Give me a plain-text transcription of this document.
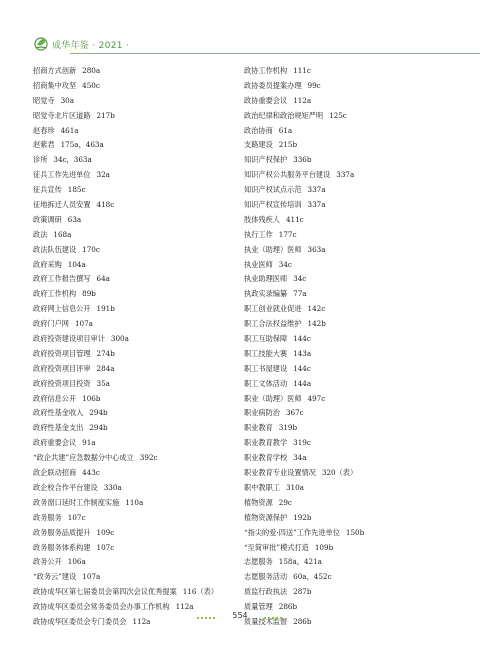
成华年鉴 · 2021 ·
招商方式创新 280a
招商集中攻坚 450c
昭觉寺 30a
昭觉寺北片区道路 217b
赵春珍 461a
赵紫君 175a，463a
诊所 34c，363a
征兵工作先进单位 32a
征兵宣传 185c
征地拆迁人员安置 418c
政策调研 63a
政法 168a
政法队伍建设 170c
政府采购 104a
政府工作报告撰写 64a
政府工作机构 89b
政府网上信息公开 191b
政府门户网 107a
政府投资建设项目审计 300a
政府投资项目管理 274b
政府投资项目评审 284a
政府投资项目投资 35a
政府信息公开 106b
政府性基金收入 294b
政府性基金支出 294b
政府重要会议 91a
“政企共建”应急数据分中心成立 392c
政企联动招商 443c
政企校合作平台建设 330a
政务窗口延时工作制度实施 110a
政务服务 107c
政务服务品质提升 109c
政务服务体系构建 107c
政务公开 106a
“政务云”建设 107a
政协成华区第七届委员会第四次会议优秀提案 116（表）
政协成华区委员会常务委员会办事工作机构 112a
政协成华区委员会专门委员会 112a
政协工作机构 111c
政协委员提案办理 99c
政协重要会议 112a
政治纪律和政治规矩严明 125c
政治协商 61a
支路建设 215b
知识产权保护 336b
知识产权公共服务平台建设 337a
知识产权试点示范 337a
知识产权宣传培训 337a
肢体残疾人 411c
执行工作 177c
执业（助理）医师 363a
执业医师 34c
执业助理医师 34c
执政实录编纂 77a
职工创业就业促进 142c
职工合法权益维护 142b
职工互助保障 144c
职工技能大赛 143a
职工书屋建设 144c
职工文体活动 144a
职业（助理）医师 497c
职业病防治 367c
职业教育 319b
职业教育教学 319c
职业教育学校 34a
职业教育专业设置情况 320（表）
职中教职工 310a
植物资源 29c
植物资源保护 192b
“指尖的爱·四送”工作先进单位 150b
“至简审批”模式打造 109b
志愿服务 158a，421a
志愿服务活动 60a，452c
质监行政执法 287b
质量管理 286b
质量技术监督 286b
554
